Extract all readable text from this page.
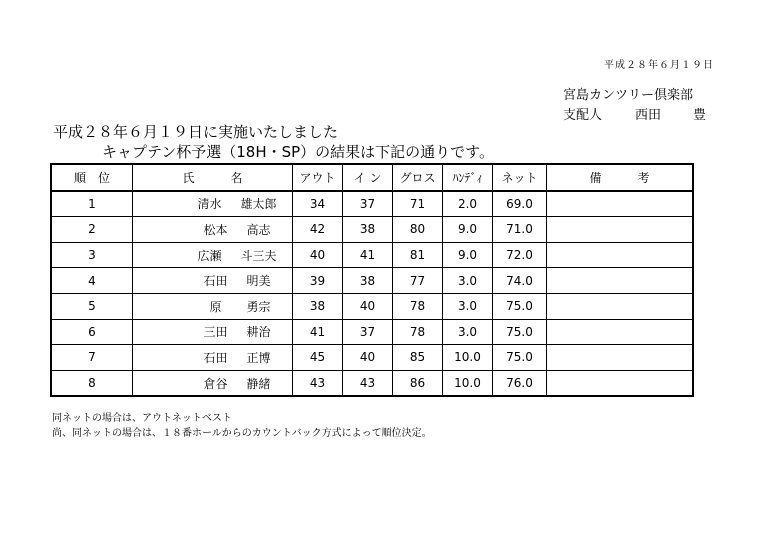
平成２８年６月１９日
宮島カンツリー倶楽部
支配人	西田 豊
平成２８年６月１９日に実施いたしました
キャプテン杯予選（18H・SP）の結果は下記の通りです。
順　位	氏　　　名	アウト	イ ン	グロス	ﾊﾝﾃﾞｨ	ネット	備　　　考
1	清水 雄太郎	34	37	71	2.0	69.0	
2	松本 高志	42	38	80	9.0	71.0	
3	広瀬 斗三夫	40	41	81	9.0	72.0	
4	石田 明美	39	38	77	3.0	74.0	
5	原 勇宗	38	40	78	3.0	75.0	
6	三田 耕治	41	37	78	3.0	75.0	
7	石田 正博	45	40	85	10.0	75.0	
8	倉谷 静緒	43	43	86	10.0	76.0	
同ネットの場合は、アウトネットベスト
尚、同ネットの場合は、１８番ホールからのカウントバック方式によって順位決定。
